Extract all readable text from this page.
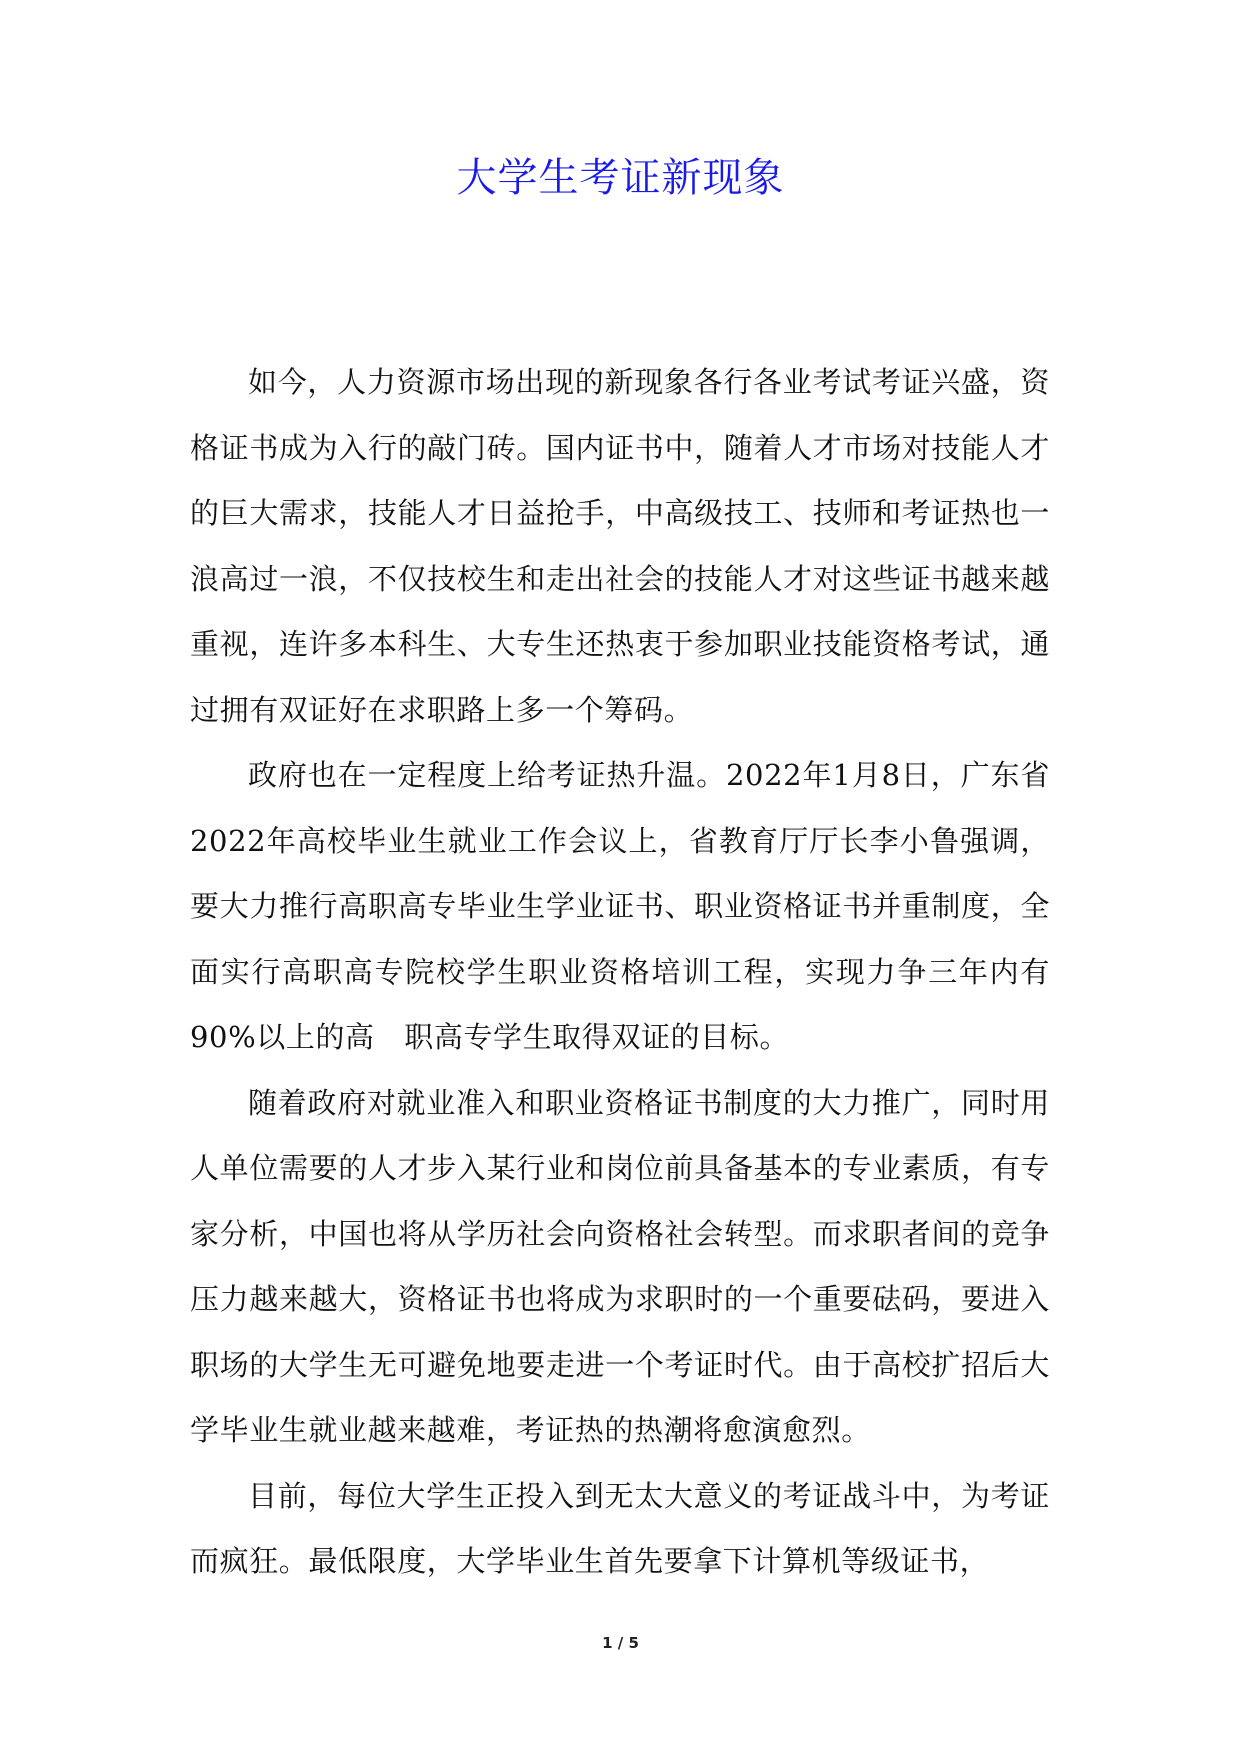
大学生考证新现象

如今，人力资源市场出现的新现象各行各业考试考证兴盛，资格证书成为入行的敲门砖。国内证书中，随着人才市场对技能人才的巨大需求，技能人才日益抢手，中高级技工、技师和考证热也一浪高过一浪，不仅技校生和走出社会的技能人才对这些证书越来越重视，连许多本科生、大专生还热衷于参加职业技能资格考试，通过拥有双证好在求职路上多一个筹码。

政府也在一定程度上给考证热升温。2022年1月8日，广东省2022年高校毕业生就业工作会议上，省教育厅厅长李小鲁强调，要大力推行高职高专毕业生学业证书、职业资格证书并重制度，全面实行高职高专院校学生职业资格培训工程，实现力争三年内有90%以上的高　职高专学生取得双证的目标。

随着政府对就业准入和职业资格证书制度的大力推广，同时用人单位需要的人才步入某行业和岗位前具备基本的专业素质，有专家分析，中国也将从学历社会向资格社会转型。而求职者间的竞争压力越来越大，资格证书也将成为求职时的一个重要砝码，要进入职场的大学生无可避免地要走进一个考证时代。由于高校扩招后大学毕业生就业越来越难，考证热的热潮将愈演愈烈。

目前，每位大学生正投入到无太大意义的考证战斗中，为考证而疯狂。最低限度，大学毕业生首先要拿下计算机等级证书，

1 / 5
